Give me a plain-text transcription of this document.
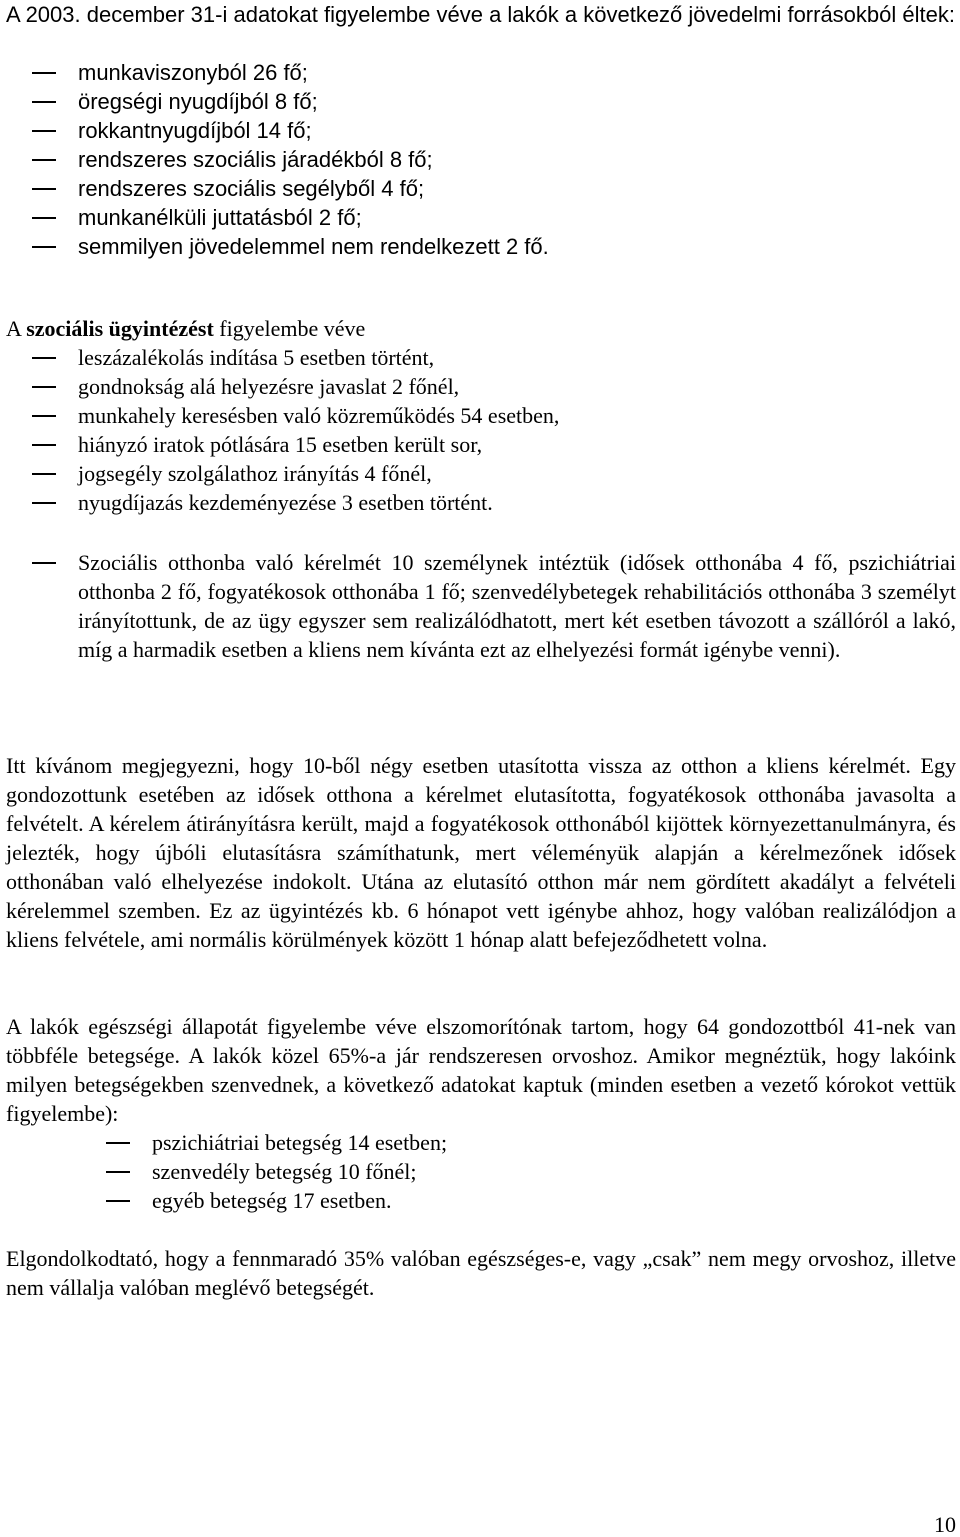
A 2003. december 31-i adatokat figyelembe véve a lakók a következő jövedelmi forrásokból éltek:

munkaviszonyból 26 fő;
öregségi nyugdíjból 8 fő;
rokkantnyugdíjból 14 fő;
rendszeres szociális járadékból 8 fő;
rendszeres szociális segélyből 4 fő;
munkanélküli juttatásból 2 fő;
semmilyen jövedelemmel nem rendelkezett 2 fő.
A szociális ügyintézést figyelembe véve
leszázalékolás indítása 5 esetben történt,
gondnokság alá helyezésre javaslat 2 főnél,
munkahely keresésben való közreműködés 54 esetben,
hiányzó iratok pótlására 15 esetben került sor,
jogsegély szolgálathoz irányítás 4 főnél,
nyugdíjazás kezdeményezése 3 esetben történt.

Szociális otthonba való kérelmét 10 személynek intéztük (idősek otthonába 4 fő, pszichiátriai otthonba 2 fő, fogyatékosok otthonába 1 fő; szenvedélybetegek rehabilitációs otthonába 3 személyt irányítottunk, de az ügy egyszer sem realizálódhatott, mert két esetben távozott a szállóról a lakó, míg a harmadik esetben a kliens nem kívánta ezt az elhelyezési formát igénybe venni).

Itt kívánom megjegyezni, hogy 10-ből négy esetben utasította vissza az otthon a kliens kérelmét. Egy gondozottunk esetében az idősek otthona a kérelmet elutasította, fogyatékosok otthonába javasolta a felvételt. A kérelem átirányításra került, majd a fogyatékosok otthonából kijöttek környezettanulmányra, és jelezték, hogy újbóli elutasításra számíthatunk, mert véleményük alapján a kérelmezőnek idősek otthonában való elhelyezése indokolt. Utána az elutasító otthon már nem gördített akadályt a felvételi kérelemmel szemben. Ez az ügyintézés kb. 6 hónapot vett igénybe ahhoz, hogy valóban realizálódjon a kliens felvétele, ami normális körülmények között 1 hónap alatt befejeződhetett volna.

A lakók egészségi állapotát figyelembe véve elszomorítónak tartom, hogy 64 gondozottból 41-nek van többféle betegsége. A lakók közel 65%-a jár rendszeresen orvoshoz. Amikor megnéztük, hogy lakóink milyen betegségekben szenvednek, a következő adatokat kaptuk (minden esetben a vezető kórokot vettük figyelembe):

pszichiátriai betegség 14 esetben;
szenvedély betegség 10 főnél;
egyéb betegség 17 esetben.

Elgondolkodtató, hogy a fennmaradó 35% valóban egészséges-e, vagy „csak” nem megy orvoshoz, illetve nem vállalja valóban meglévő betegségét.

10
